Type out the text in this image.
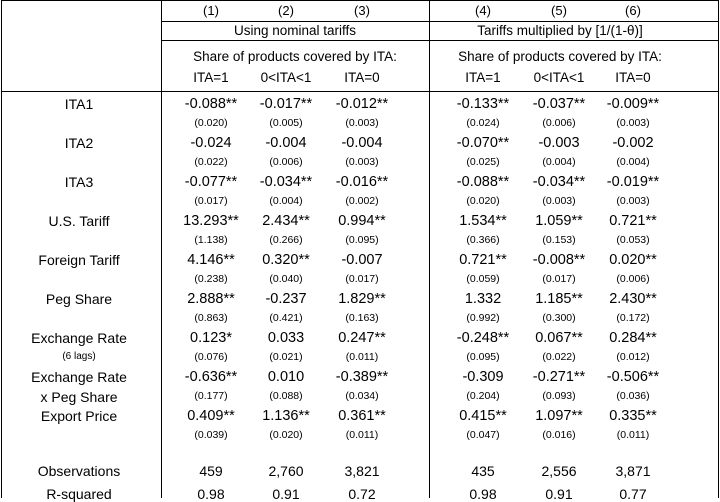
(1)	(2)	(3)	(4)	(5)	(6)
Using nominal tariffs	Tariffs multiplied by [1/(1-θ)]
Share of products covered by ITA:	Share of products covered by ITA:
ITA=1 0<ITA<1 ITA=0	ITA=1 0<ITA<1 ITA=0
ITA1	-0.088** -0.017** -0.012**	-0.133** -0.037** -0.009**
(0.020)	(0.005)	(0.003)	(0.024)	(0.006)	(0.003)
ITA2	-0.024 -0.004 -0.004	-0.070** -0.003 -0.002
(0.022)	(0.006)	(0.003)	(0.025)	(0.004)	(0.004)
ITA3	-0.077** -0.034** -0.016**	-0.088** -0.034** -0.019**
(0.017)	(0.004)	(0.002)	(0.020)	(0.003)	(0.003)
U.S. Tariff	13.293** 2.434** 0.994**	1.534** 1.059** 0.721**
(1.138)	(0.266)	(0.095)	(0.366)	(0.153)	(0.053)
Foreign Tariff	4.146** 0.320** -0.007	0.721** -0.008** 0.020**
(0.238)	(0.040)	(0.017)	(0.059)	(0.017)	(0.006)
Peg Share	2.888** -0.237 1.829**	1.332 1.185** 2.430**
(0.863)	(0.421)	(0.163)	(0.992)	(0.300)	(0.172)
Exchange Rate
(6 lags)
0.123* 0.033 0.247**	-0.248** 0.067** 0.284**
(0.076)	(0.021)	(0.011)	(0.095)	(0.022)	(0.012)
Exchange Rate
x Peg Share
-0.636** 0.010 -0.389**	-0.309 -0.271** -0.506**
(0.177)	(0.088)	(0.034)	(0.204)	(0.093)	(0.036)
Export Price	0.409** 1.136** 0.361**	0.415** 1.097** 0.335**
(0.039)	(0.020)	(0.011)	(0.047)	(0.016)	(0.011)
Observations	459	2,760	3,821	435	2,556	3,871
R-squared	0.98	0.91	0.72	0.98	0.91	0.77
